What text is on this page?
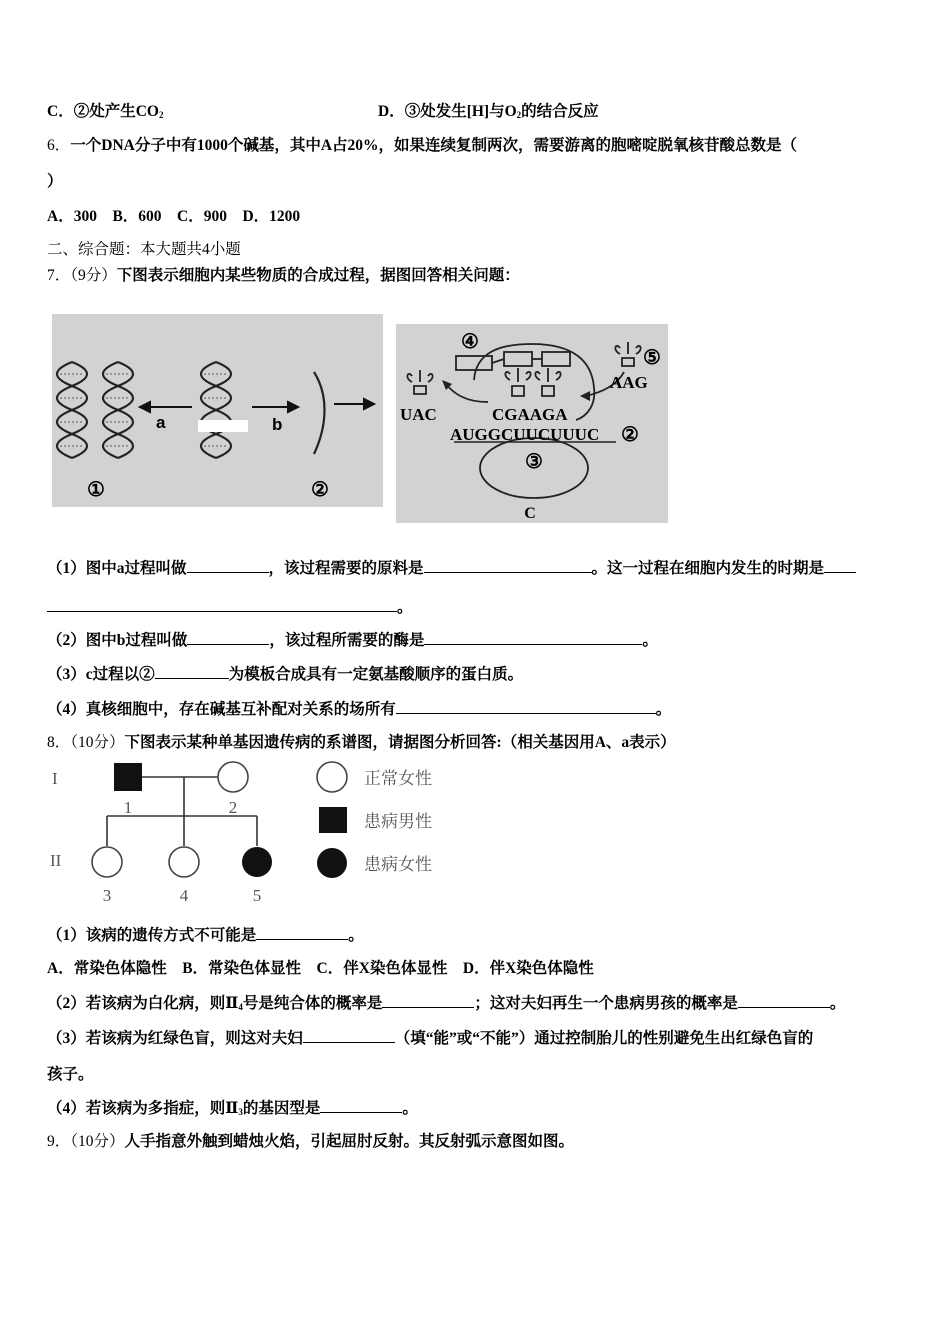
C．②处产生$CO_2$	D．③处发生[H]与$O_2$的结合反应
6．一个DNA分子中有1000个碱基，其中A占20%，如果连续复制两次，需要游离的胞嘧啶脱氧核苷酸总数是（
）
A．300　B．600　C．900　D．1200
二、综合题：本大题共4小题
7．（9分）下图表示细胞内某些物质的合成过程，据图回答相关问题：
a	b
①	②
④
⑤
UAC
AAG
CGAAGA
AUGGCUUCUUUC ②
③
C
（1）图中a过程叫做	，该过程需要的原料是	。这一过程在细胞内发生的时期是
。
（2）图中b过程叫做	，该过程所需要的酶是	。
（3）c过程以②	为模板合成具有一定氨基酸顺序的蛋白质。
（4）真核细胞中，存在碱基互补配对关系的场所有	。
8．（10分）下图表示某种单基因遗传病的系谱图，请据图分析回答:（相关基因用A、a表示）
I
II
1	2
3	4	5
正常女性
患病男性
患病女性
（1）该病的遗传方式不可能是	。
A．常染色体隐性　B．常染色体显性　C．伴X染色体显性　D．伴X染色体隐性
（2）若该病为白化病，则$Ⅱ_4$号是纯合体的概率是	；这对夫妇再生一个患病男孩的概率是	。
（3）若该病为红绿色盲，则这对夫妇	（填“能”或“不能”）通过控制胎儿的性别避免生出红绿色盲的
孩子。
（4）若该病为多指症，则$Ⅱ_3$的基因型是	。
9．（10分）人手指意外触到蜡烛火焰，引起屈肘反射。其反射弧示意图如图。
